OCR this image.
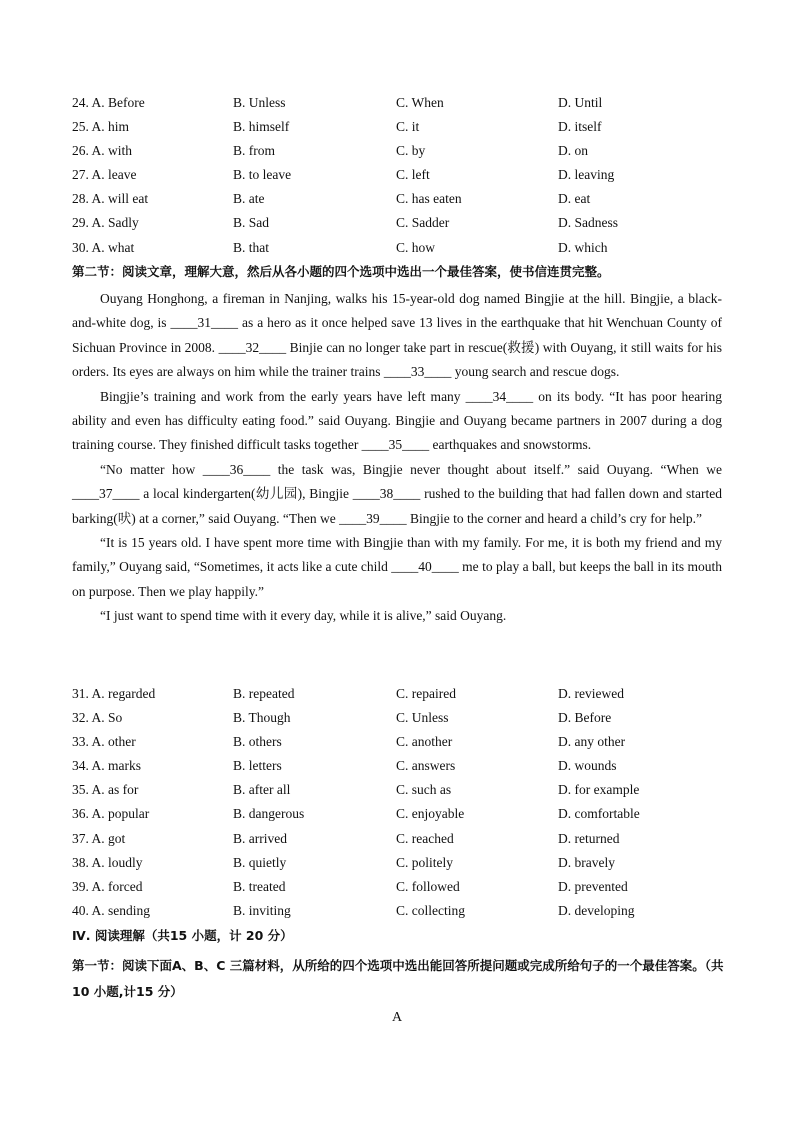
24. A. Before	B. Unless	C. When	D. Until
25. A. him	B. himself	C. it	D. itself
26. A. with	B. from	C. by	D. on
27. A. leave	B. to leave	C. left	D. leaving
28. A. will eat	B. ate	C. has eaten	D. eat
29. A. Sadly	B. Sad	C. Sadder	D. Sadness
30. A. what	B. that	C. how	D. which
第二节：阅读文章，理解大意，然后从各小题的四个选项中选出一个最佳答案，使书信连贯完整。

Ouyang Honghong, a fireman in Nanjing, walks his 15-year-old dog named Bingjie at the hill. Bingjie, a black-and-white dog, is ____31____ as a hero as it once helped save 13 lives in the earthquake that hit Wenchuan County of Sichuan Province in 2008. ____32____ Binjie can no longer take part in rescue(救援) with Ouyang, it still waits for his orders. Its eyes are always on him while the trainer trains ____33____ young search and rescue dogs.

Bingjie’s training and work from the early years have left many ____34____ on its body. “It has poor hearing ability and even has difficulty eating food.” said Ouyang. Bingjie and Ouyang became partners in 2007 during a dog training course. They finished difficult tasks together ____35____ earthquakes and snowstorms.

“No matter how ____36____ the task was, Bingjie never thought about itself.” said Ouyang. “When we ____37____ a local kindergarten(幼儿园), Bingjie ____38____ rushed to the building that had fallen down and started barking(吠) at a corner,” said Ouyang. “Then we ____39____ Bingjie to the corner and heard a child’s cry for help.”

“It is 15 years old. I have spent more time with Bingjie than with my family. For me, it is both my friend and my family,” Ouyang said, “Sometimes, it acts like a cute child ____40____ me to play a ball, but keeps the ball in its mouth on purpose. Then we play happily.”

“I just want to spend time with it every day, while it is alive,” said Ouyang.

31. A. regarded	B. repeated	C. repaired	D. reviewed
32. A. So	B. Though	C. Unless	D. Before
33. A. other	B. others	C. another	D. any other
34. A. marks	B. letters	C. answers	D. wounds
35. A. as for	B. after all	C. such as	D. for example
36. A. popular	B. dangerous	C. enjoyable	D. comfortable
37. A. got	B. arrived	C. reached	D. returned
38. A. loudly	B. quietly	C. politely	D. bravely
39. A. forced	B. treated	C. followed	D. prevented
40. A. sending	B. inviting	C. collecting	D. developing
Ⅳ. 阅读理解（共15 小题，计 20 分）
第一节：阅读下面A、B、C 三篇材料，从所给的四个选项中选出能回答所提问题或完成所给句子的一个最佳答案。（共10 小题,计15 分）
A
